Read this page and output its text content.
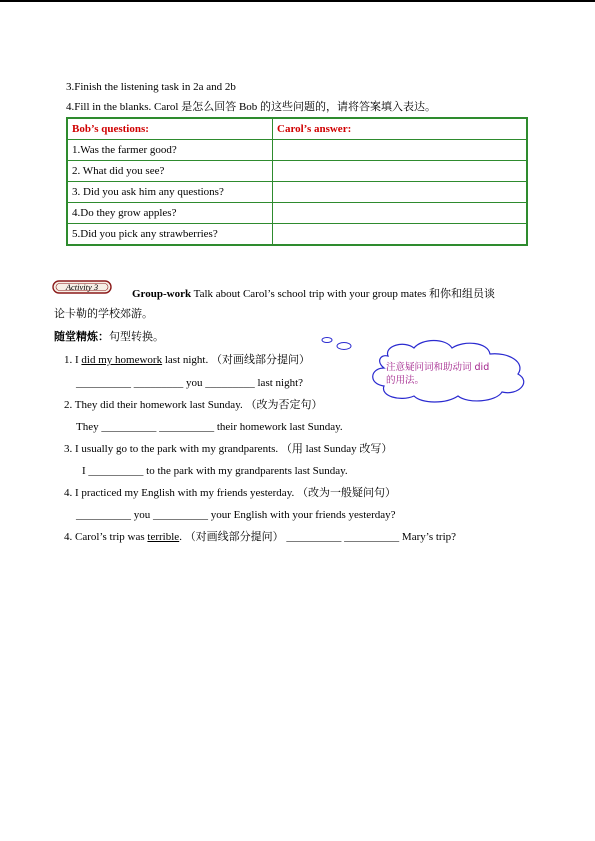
3.Finish the listening task in 2a and 2b
4.Fill in the blanks. Carol 是怎么回答 Bob 的这些问题的，请将答案填入表达。
Bob’s questions:	Carol’s answer:
1.Was the farmer good?	
2. What did you see?	
3. Did you ask him any questions?	
4.Do they grow apples?	
5.Did you pick any strawberries?	
Activity 3
Group-work Talk about Carol’s school trip with your group mates 和你和组员谈
论卡勒的学校郊游。
随堂精炼：句型转换。
注意疑问词和助动词 did 的用法。
1. I did my homework last night. （对画线部分提问）
__________ _________ you _________ last night?
2. They did their homework last Sunday. （改为否定句）
They __________ __________ their homework last Sunday.
3. I usually go to the park with my grandparents. （用 last Sunday 改写）
I __________ to the park with my grandparents last Sunday.
4. I practiced my English with my friends yesterday. （改为一般疑问句）
__________ you __________ your English with your friends yesterday?
4. Carol’s trip was terrible. （对画线部分提问） __________ __________ Mary’s trip?
